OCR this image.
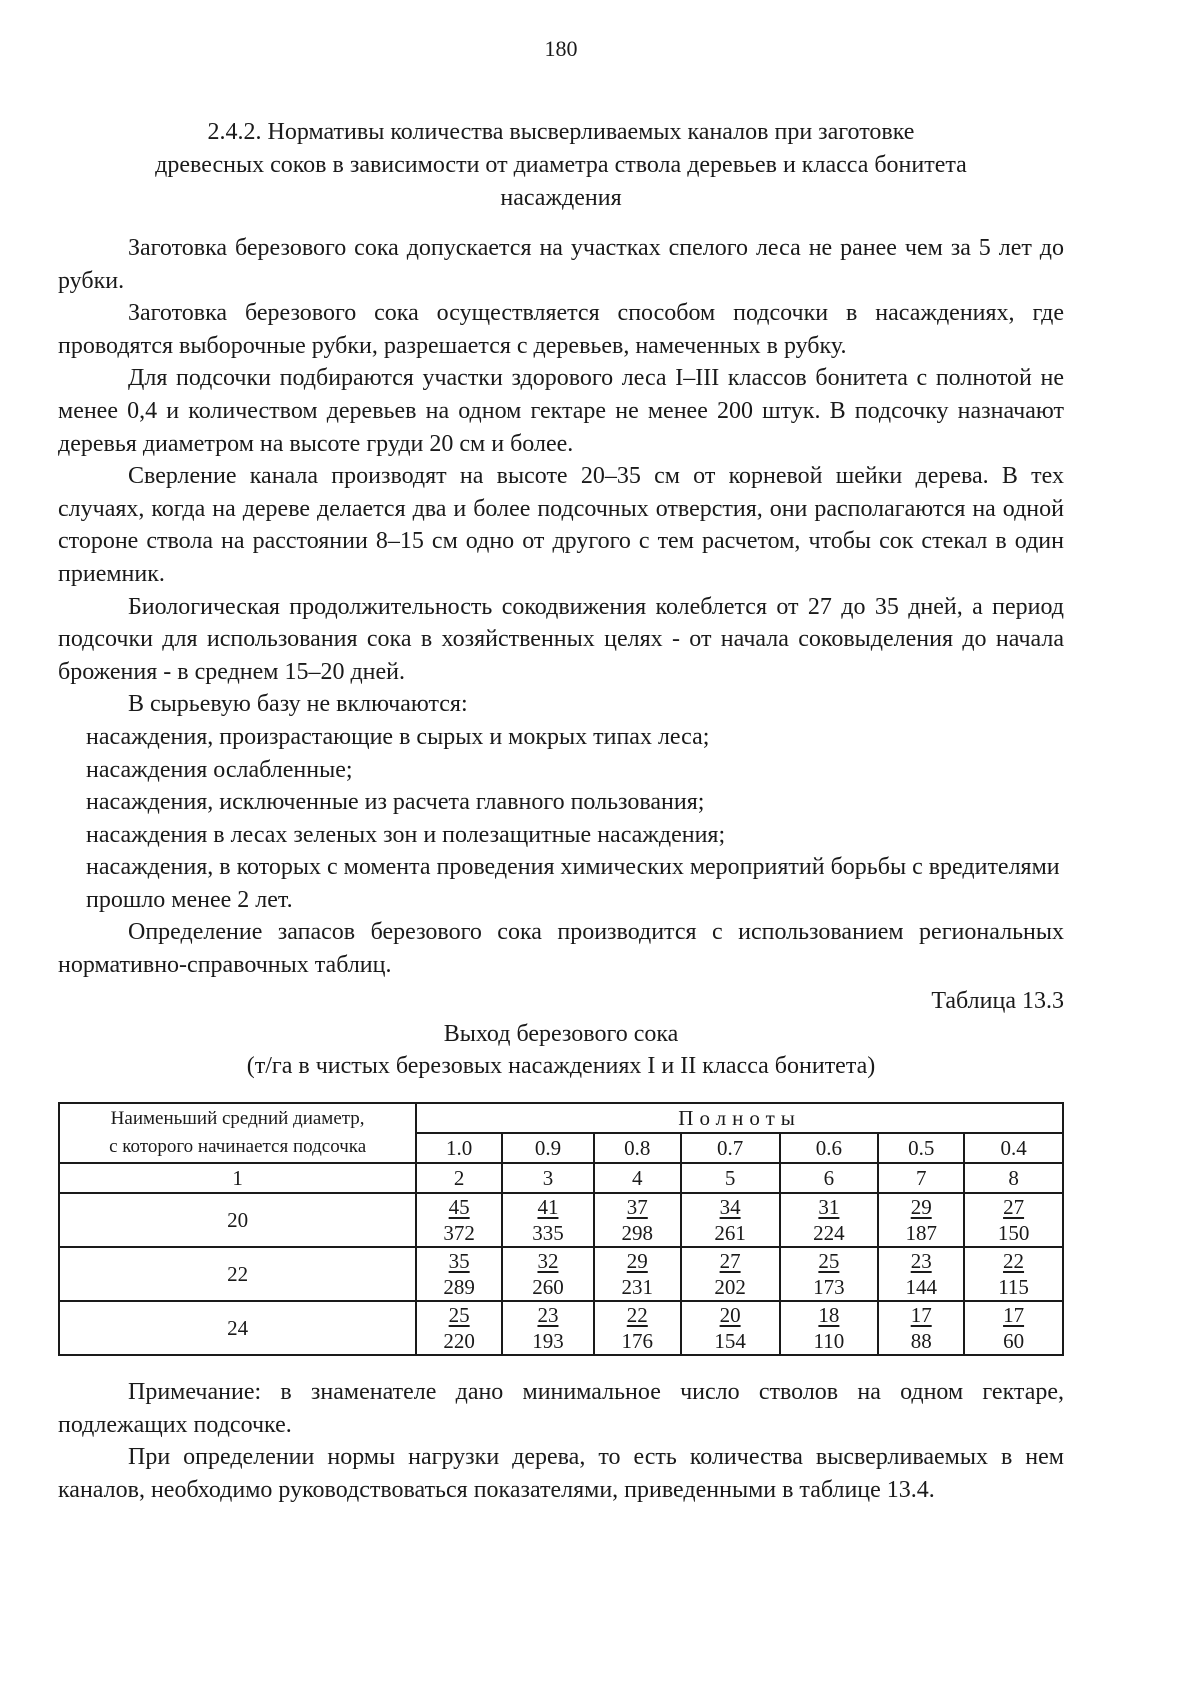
180
2.4.2. Нормативы количества высверливаемых каналов при заготовке
древесных соков в зависимости от диаметра ствола деревьев и класса бонитета
насаждения

Заготовка березового сока допускается на участках спелого леса не ранее чем за 5 лет до рубки.

Заготовка березового сока осуществляется способом подсочки в насаждениях, где проводятся выборочные рубки, разрешается с деревьев, намеченных в рубку.

Для подсочки подбираются участки здорового леса I–III классов бонитета с полнотой не менее 0,4 и количеством деревьев на одном гектаре не менее 200 штук. В подсочку назначают деревья диаметром на высоте груди 20 см и более.

Сверление канала производят на высоте 20–35 см от корневой шейки дерева. В тех случаях, когда на дереве делается два и более подсочных отверстия, они располагаются на одной стороне ствола на расстоянии 8–15 см одно от другого с тем расчетом, чтобы сок стекал в один приемник.

Биологическая продолжительность сокодвижения колеблется от 27 до 35 дней, а период подсочки для использования сока в хозяйственных целях - от начала соковыделения до начала брожения - в среднем 15–20 дней.

В сырьевую базу не включаются:

насаждения, произрастающие в сырых и мокрых типах леса;

насаждения ослабленные;

насаждения, исключенные из расчета главного пользования;

насаждения в лесах зеленых зон и полезащитные насаждения;

насаждения, в которых с момента проведения химических мероприятий борьбы с вредителями прошло менее 2 лет.

Определение запасов березового сока производится с использованием региональных нормативно-справочных таблиц.

Таблица 13.3
Выход березового сока
(т/га в чистых березовых насаждениях I и II класса бонитета)
Наименьший средний диаметр,
с которого начинается подсочка	Полноты						
	1.0	0.9	0.8	0.7	0.6	0.5	0.4
1	2	3	4	5	6	7	8
20	$\frac{45}{372}$	$\frac{41}{335}$	$\frac{37}{298}$	$\frac{34}{261}$	$\frac{31}{224}$	$\frac{29}{187}$	$\frac{27}{150}$

22	$\frac{35}{289}$	$\frac{32}{260}$	$\frac{29}{231}$	$\frac{27}{202}$	$\frac{25}{173}$	$\frac{23}{144}$	$\frac{22}{115}$

24	$\frac{25}{220}$	$\frac{23}{193}$	$\frac{22}{176}$	$\frac{20}{154}$	$\frac{18}{110}$	$\frac{17}{88}$	$\frac{17}{60}$

Примечание: в знаменателе дано минимальное число стволов на одном гектаре, подлежащих подсочке.

При определении нормы нагрузки дерева, то есть количества высверливаемых в нем каналов, необходимо руководствоваться показателями, приведенными в таблице 13.4.
